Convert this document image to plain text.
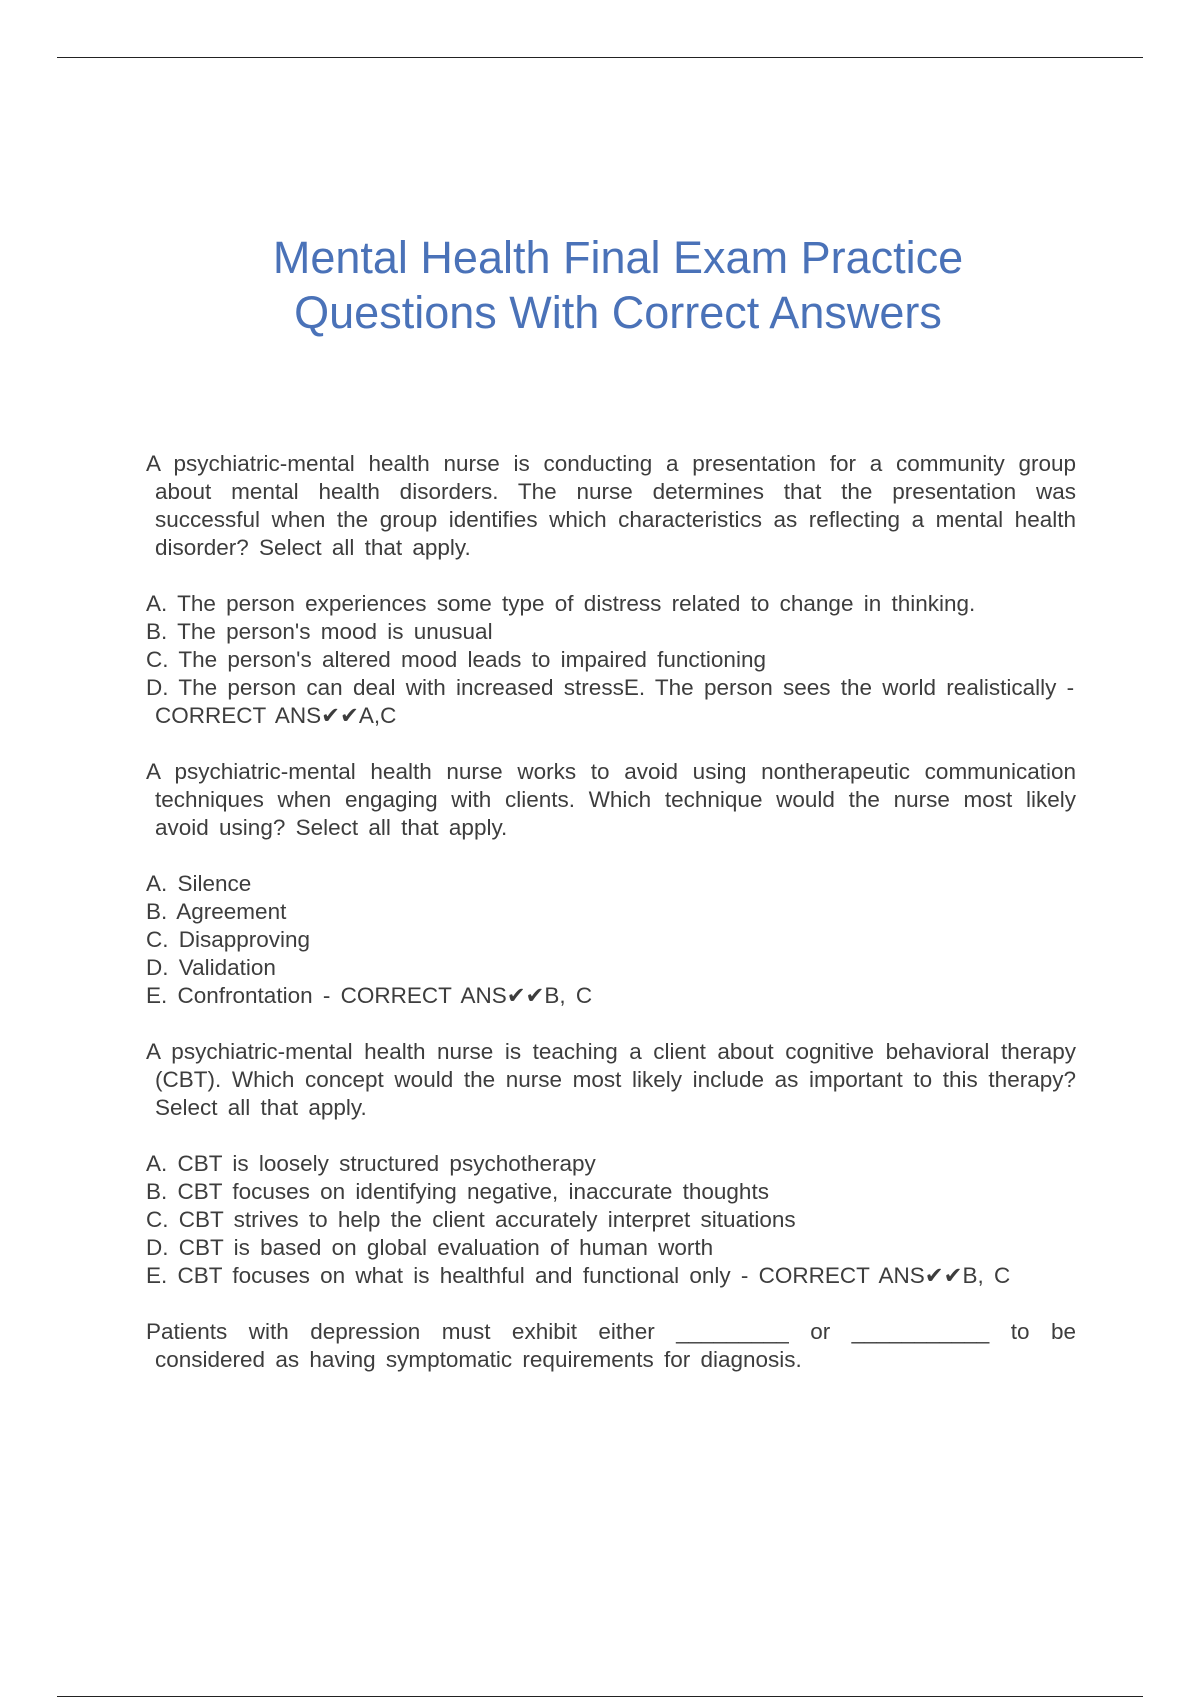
Mental Health Final Exam Practice
Questions With Correct Answers

A psychiatric-mental health nurse is conducting a presentation for a community group about mental health disorders. The nurse determines that the presentation was successful when the group identifies which characteristics as reflecting a mental health disorder? Select all that apply.

A. The person experiences some type of distress related to change in thinking.

B. The person's mood is unusual

C. The person's altered mood leads to impaired functioning

D. The person can deal with increased stressE. The person sees the world realistically - CORRECT ANS✔✔A,C

A psychiatric-mental health nurse works to avoid using nontherapeutic communication techniques when engaging with clients. Which technique would the nurse most likely avoid using? Select all that apply.

A. Silence

B. Agreement

C. Disapproving

D. Validation

E. Confrontation - CORRECT ANS✔✔B, C

A psychiatric-mental health nurse is teaching a client about cognitive behavioral therapy (CBT). Which concept would the nurse most likely include as important to this therapy? Select all that apply.

A. CBT is loosely structured psychotherapy

B. CBT focuses on identifying negative, inaccurate thoughts

C. CBT strives to help the client accurately interpret situations

D. CBT is based on global evaluation of human worth

E. CBT focuses on what is healthful and functional only - CORRECT ANS✔✔B, C

Patients with depression must exhibit either _________ or ___________ to be considered as having symptomatic requirements for diagnosis.
